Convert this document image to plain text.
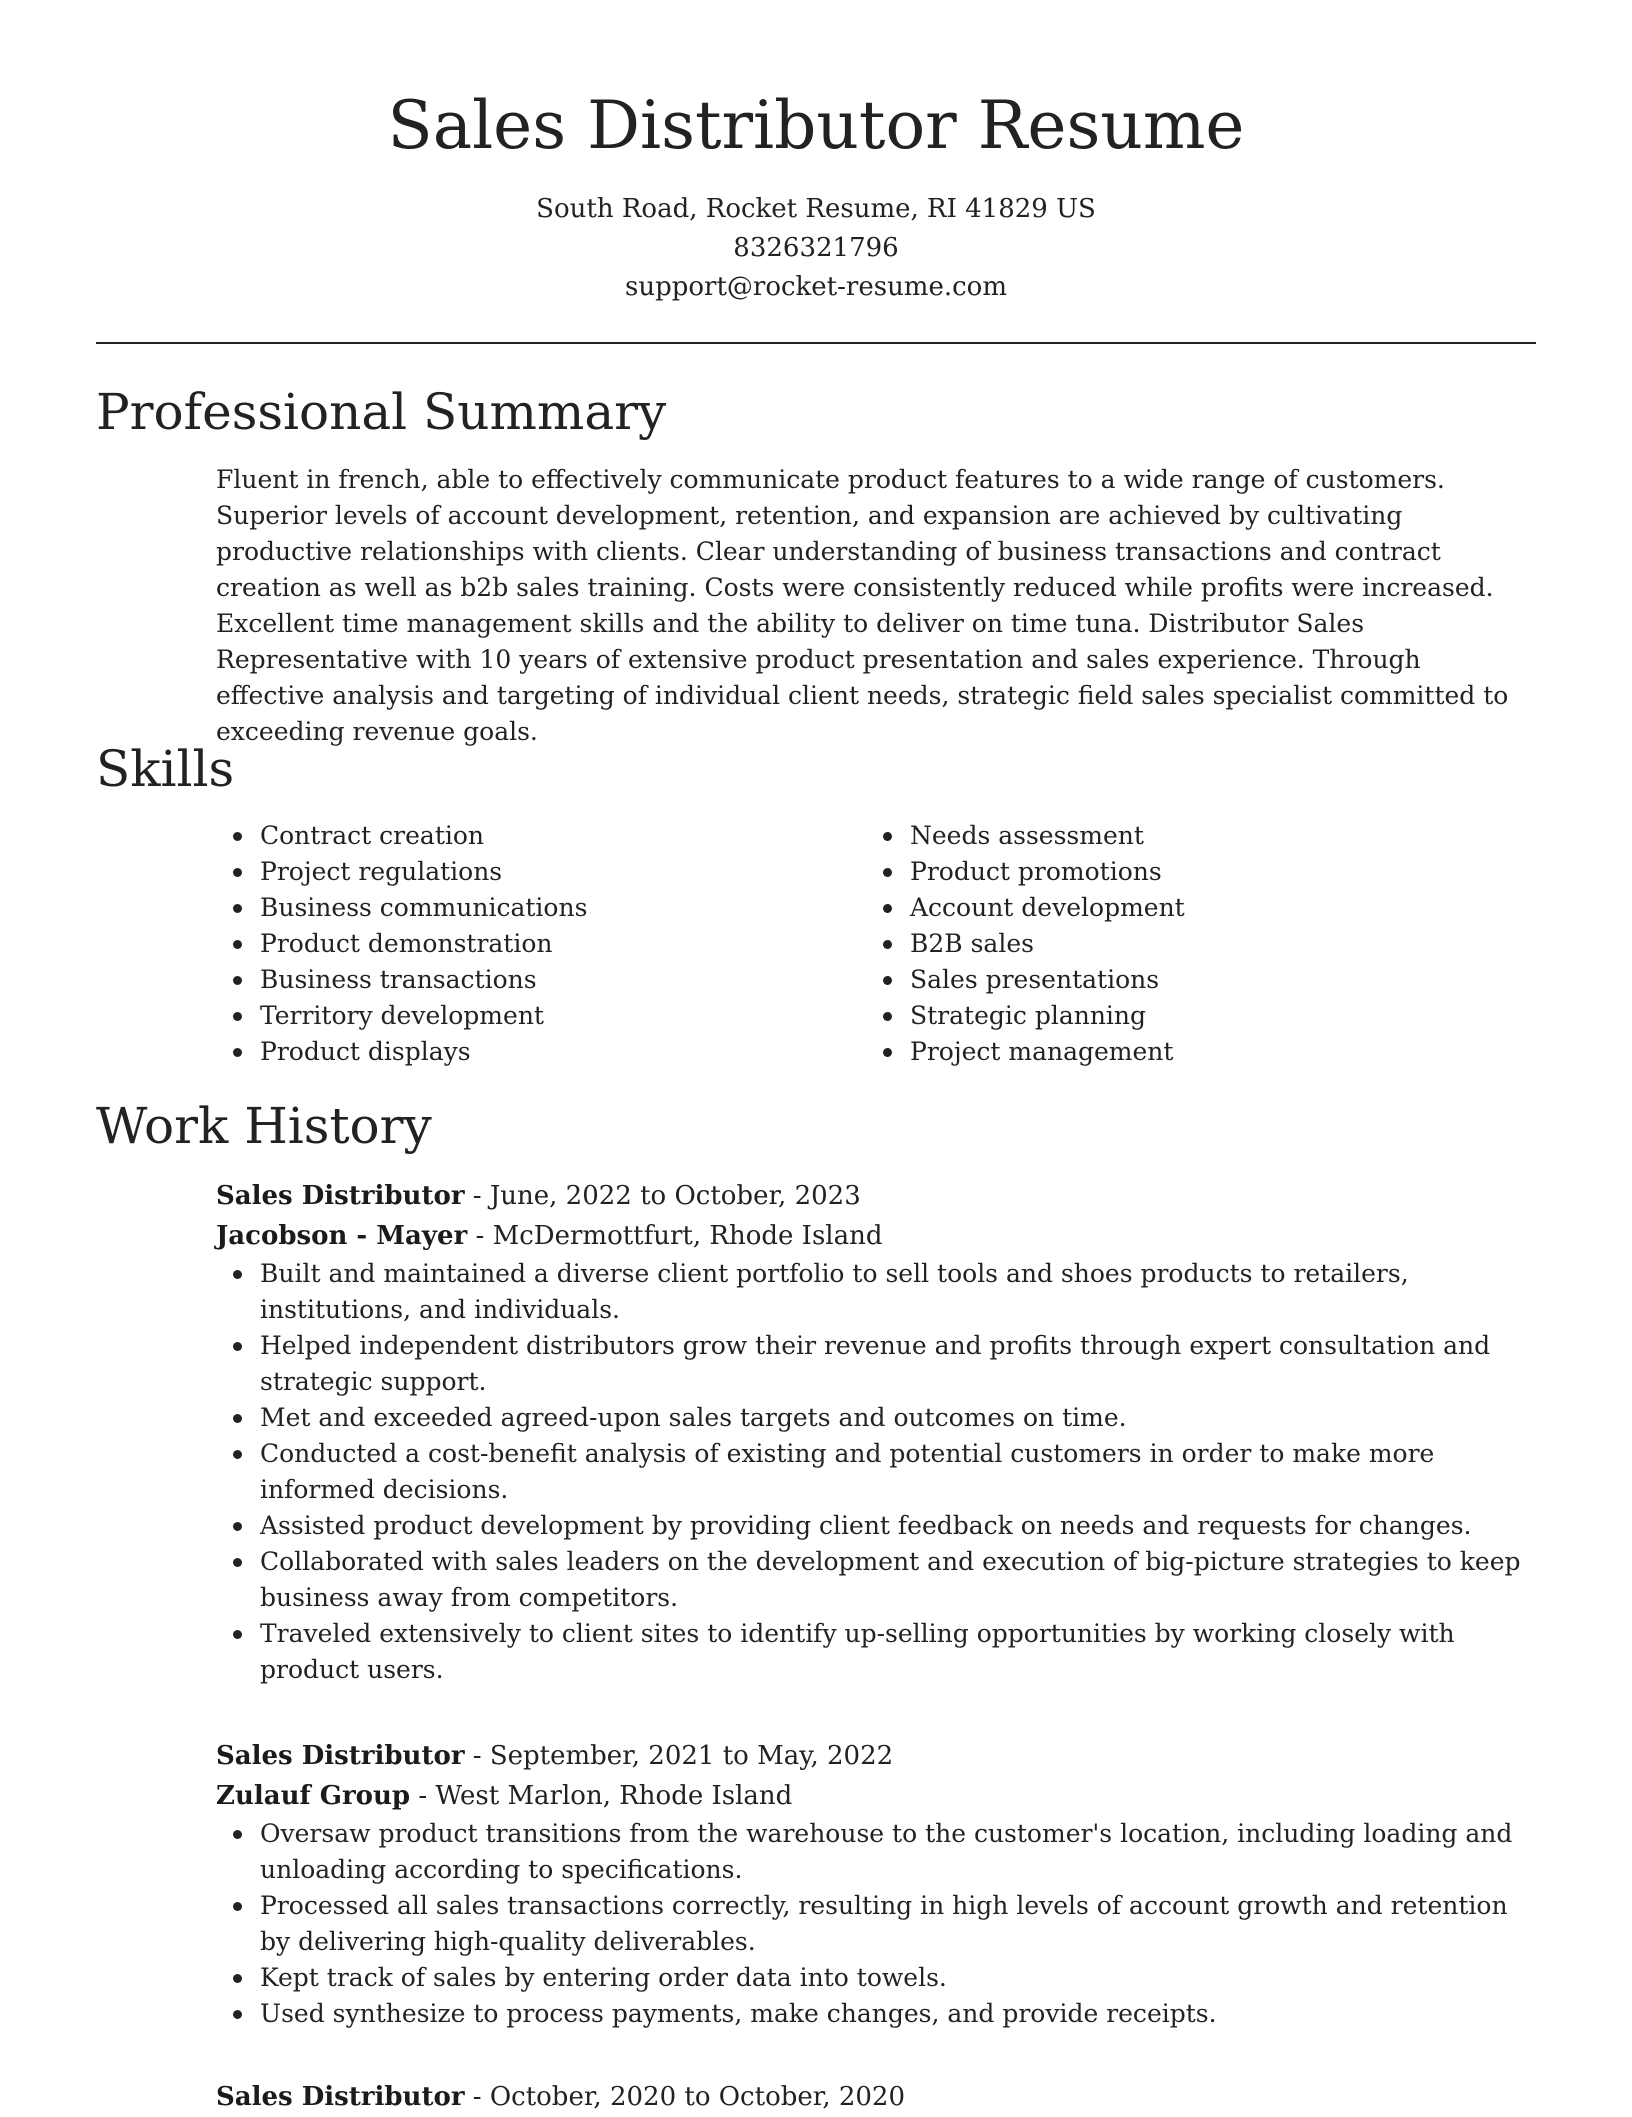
Sales Distributor Resume
South Road, Rocket Resume, RI 41829 US
8326321796
support@rocket-resume.com
Professional Summary

Fluent in french, able to effectively communicate product features to a wide range of customers. Superior levels of account development, retention, and expansion are achieved by cultivating productive relationships with clients. Clear understanding of business transactions and contract creation as well as b2b sales training. Costs were consistently reduced while profits were increased. Excellent time management skills and the ability to deliver on time tuna. Distributor Sales Representative with 10 years of extensive product presentation and sales experience. Through effective analysis and targeting of individual client needs, strategic field sales specialist committed to exceeding revenue goals.

Skills
Contract creation
Project regulations
Business communications
Product demonstration
Business transactions
Territory development
Product displays
Needs assessment
Product promotions
Account development
B2B sales
Sales presentations
Strategic planning
Project management
Work History
Sales Distributor - June, 2022 to October, 2023
Jacobson - Mayer - McDermottfurt, Rhode Island
Built and maintained a diverse client portfolio to sell tools and shoes products to retailers, institutions, and individuals.
Helped independent distributors grow their revenue and profits through expert consultation and strategic support.
Met and exceeded agreed-upon sales targets and outcomes on time.
Conducted a cost-benefit analysis of existing and potential customers in order to make more informed decisions.
Assisted product development by providing client feedback on needs and requests for changes.
Collaborated with sales leaders on the development and execution of big-picture strategies to keep business away from competitors.
Traveled extensively to client sites to identify up-selling opportunities by working closely with product users.
Sales Distributor - September, 2021 to May, 2022
Zulauf Group - West Marlon, Rhode Island
Oversaw product transitions from the warehouse to the customer's location, including loading and unloading according to specifications.
Processed all sales transactions correctly, resulting in high levels of account growth and retention by delivering high-quality deliverables.
Kept track of sales by entering order data into towels.
Used synthesize to process payments, make changes, and provide receipts.
Sales Distributor - October, 2020 to October, 2020
